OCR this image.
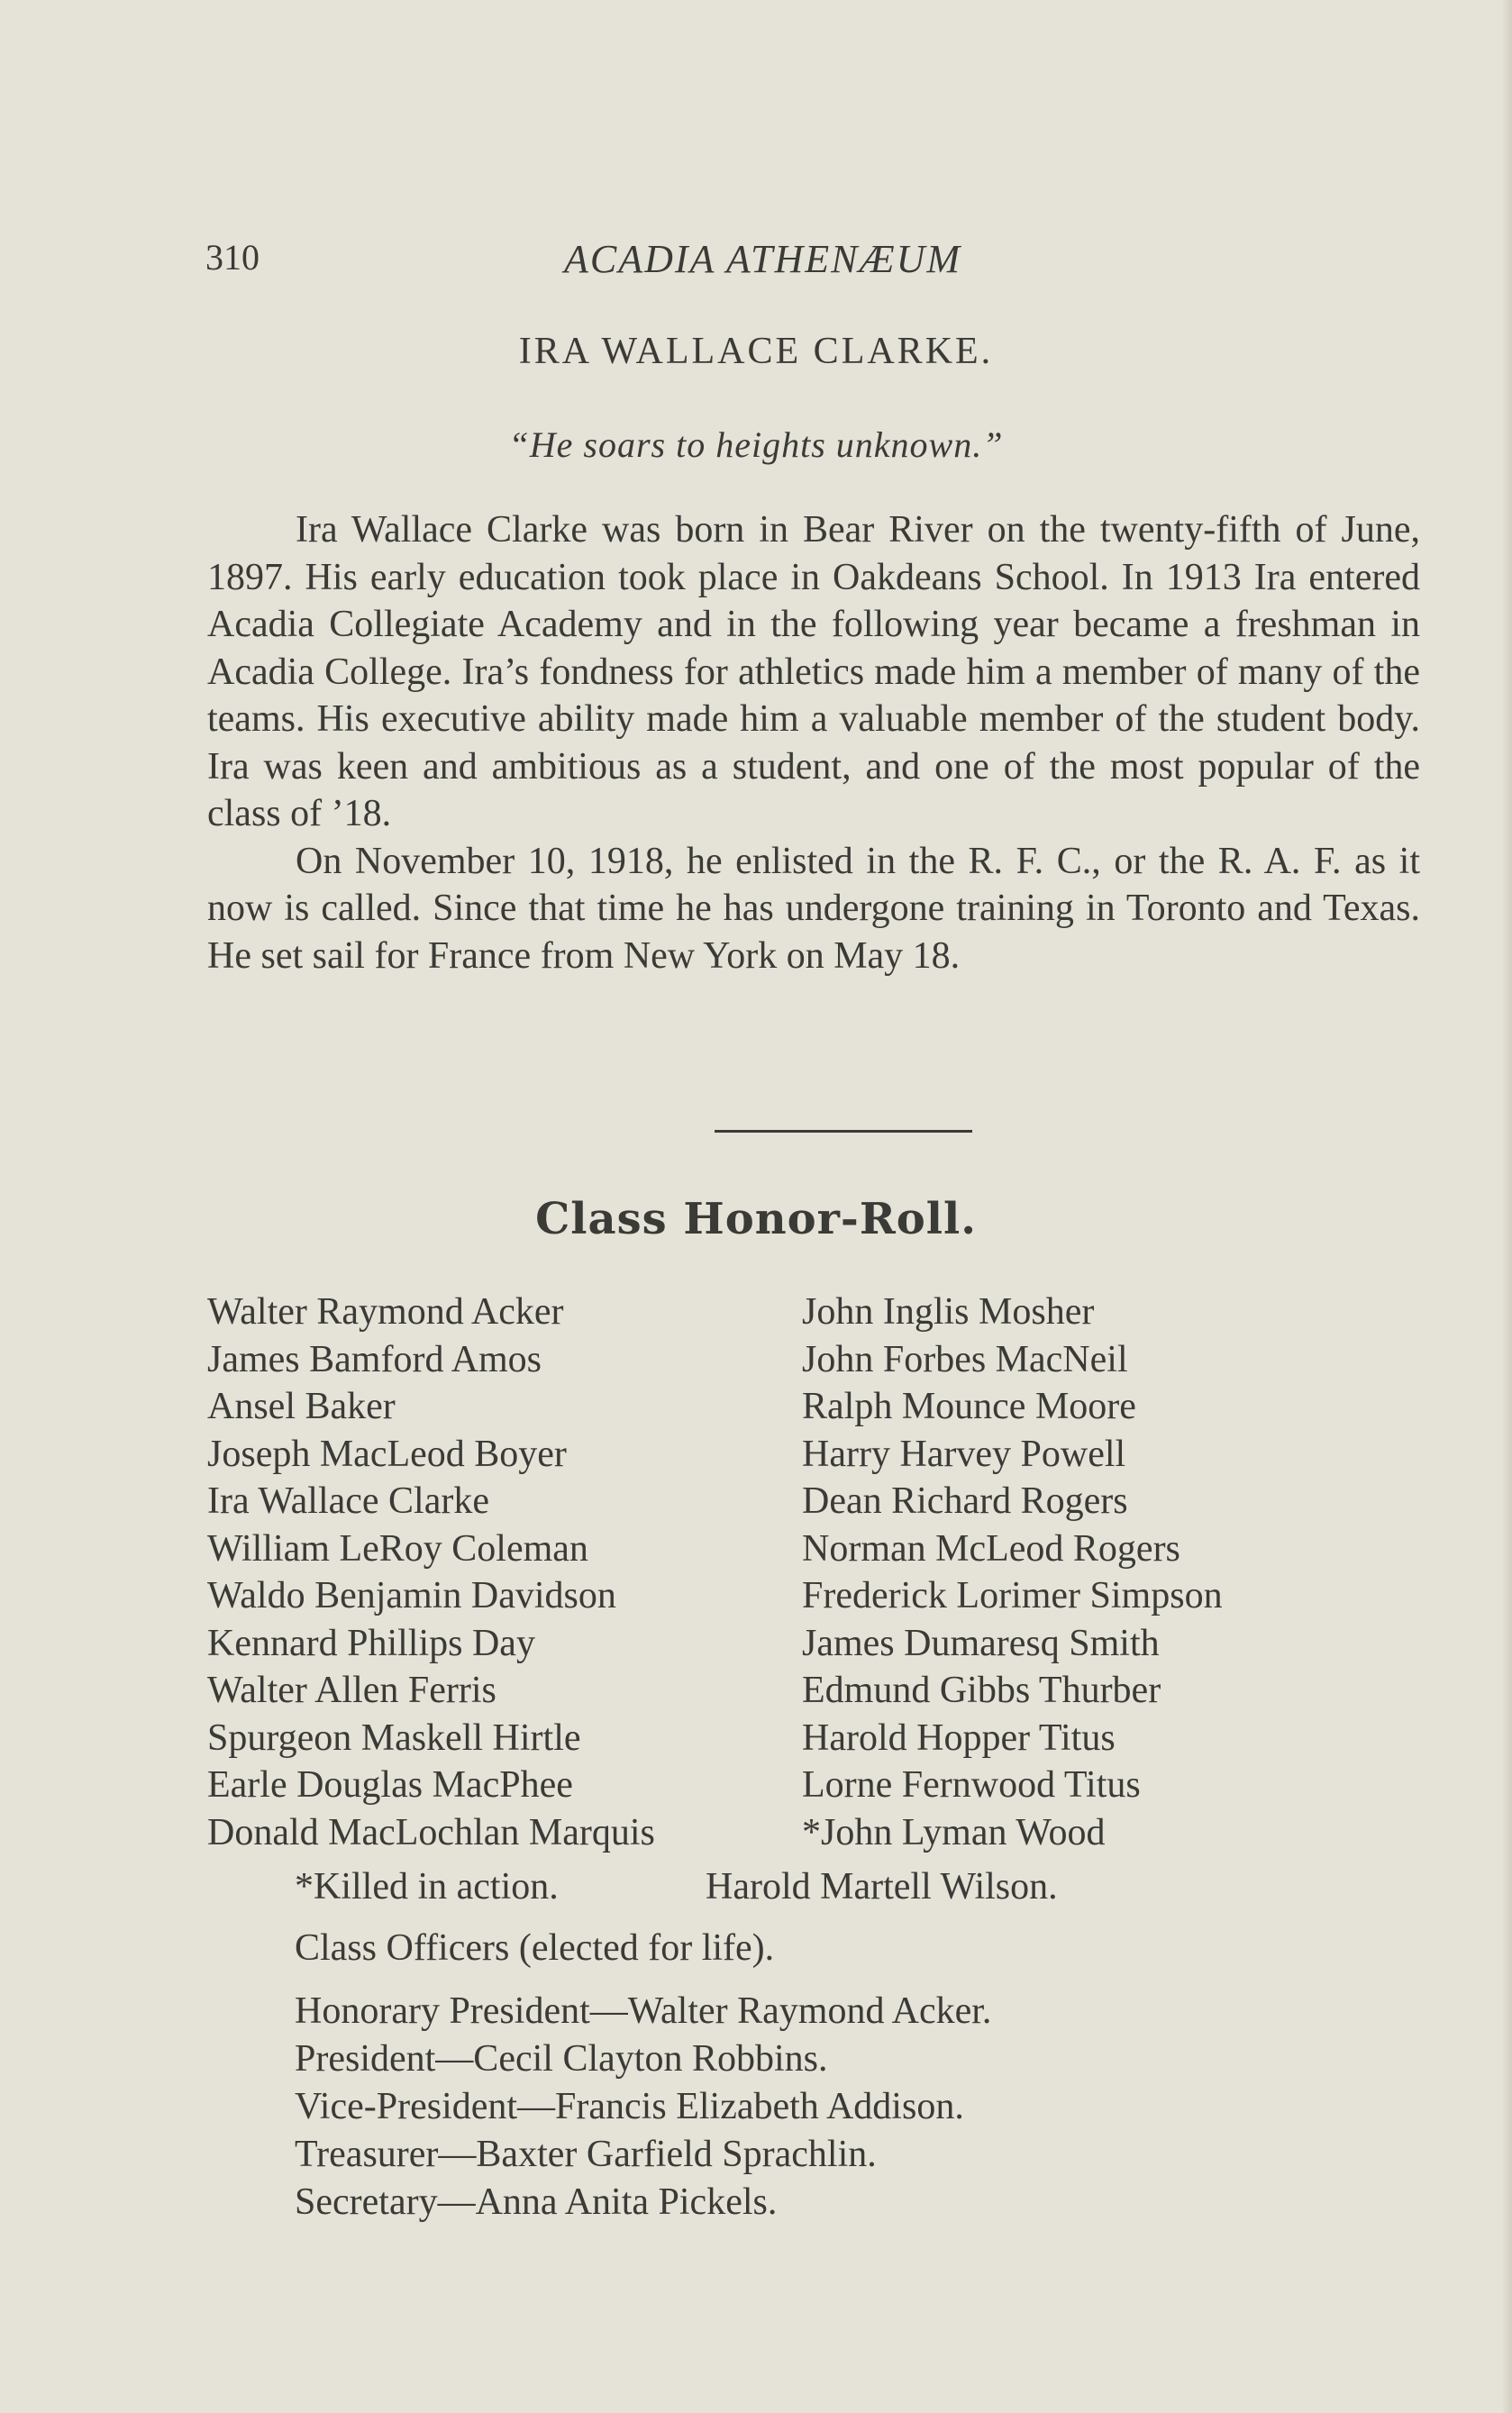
310	ACADIA ATHENÆUM
IRA WALLACE CLARKE.
“He soars to heights unknown.”

Ira Wallace Clarke was born in Bear River on the twenty-fifth of June, 1897. His early education took place in Oakdeans School. In 1913 Ira entered Acadia Collegiate Academy and in the following year became a freshman in Acadia College. Ira’s fondness for athletics made him a member of many of the teams. His executive ability made him a valuable member of the student body. Ira was keen and ambitious as a student, and one of the most popular of the class of ’18.

On November 10, 1918, he enlisted in the R. F. C., or the R. A. F. as it now is called. Since that time he has undergone training in Toronto and Texas. He set sail for France from New York on May 18.

Class Honor-Roll.
Walter Raymond Acker
James Bamford Amos
Ansel Baker
Joseph MacLeod Boyer
Ira Wallace Clarke
William LeRoy Coleman
Waldo Benjamin Davidson
Kennard Phillips Day
Walter Allen Ferris
Spurgeon Maskell Hirtle
Earle Douglas MacPhee
Donald MacLochlan Marquis
John Inglis Mosher
John Forbes MacNeil
Ralph Mounce Moore
Harry Harvey Powell
Dean Richard Rogers
Norman McLeod Rogers
Frederick Lorimer Simpson
James Dumaresq Smith
Edmund Gibbs Thurber
Harold Hopper Titus
Lorne Fernwood Titus
*John Lyman Wood
*Killed in action.	Harold Martell Wilson.
Class Officers (elected for life).
Honorary President—Walter Raymond Acker.
President—Cecil Clayton Robbins.
Vice-President—Francis Elizabeth Addison.
Treasurer—Baxter Garfield Sprachlin.
Secretary—Anna Anita Pickels.
